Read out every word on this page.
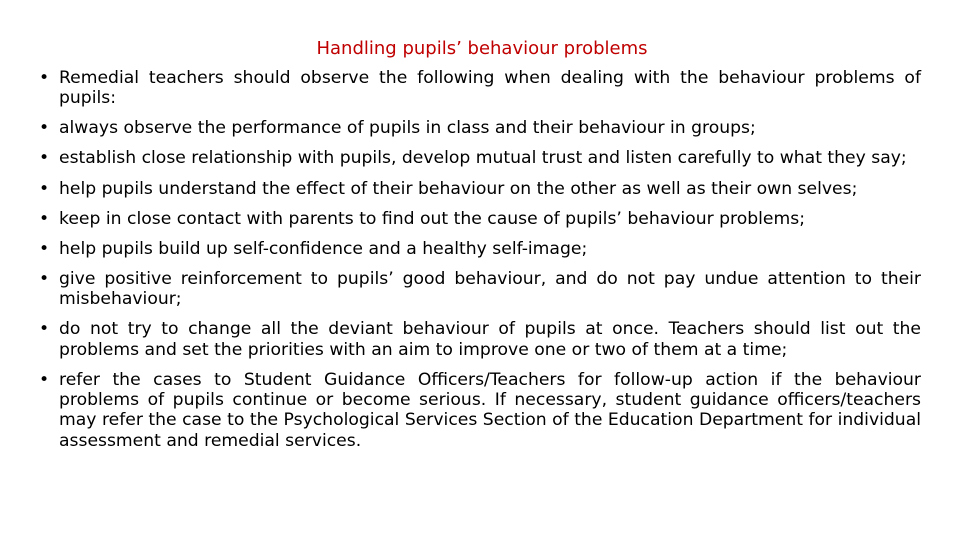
Handling pupils’ behaviour problems
• Remedial teachers should observe the following when dealing with the behaviour problems of pupils:
• always observe the performance of pupils in class and their behaviour in groups;
• establish close relationship with pupils, develop mutual trust and listen carefully to what they say;
• help pupils understand the effect of their behaviour on the other as well as their own selves;
• keep in close contact with parents to find out the cause of pupils’ behaviour problems;
• help pupils build up self-confidence and a healthy self-image;
• give positive reinforcement to pupils’ good behaviour, and do not pay undue attention to their misbehaviour;
• do not try to change all the deviant behaviour of pupils at once. Teachers should list out the problems and set the priorities with an aim to improve one or two of them at a time;
• refer the cases to Student Guidance Officers/Teachers for follow-up action if the behaviour problems of pupils continue or become serious. If necessary, student guidance officers/teachers may refer the case to the Psychological Services Section of the Education Department for individual assessment and remedial services.
